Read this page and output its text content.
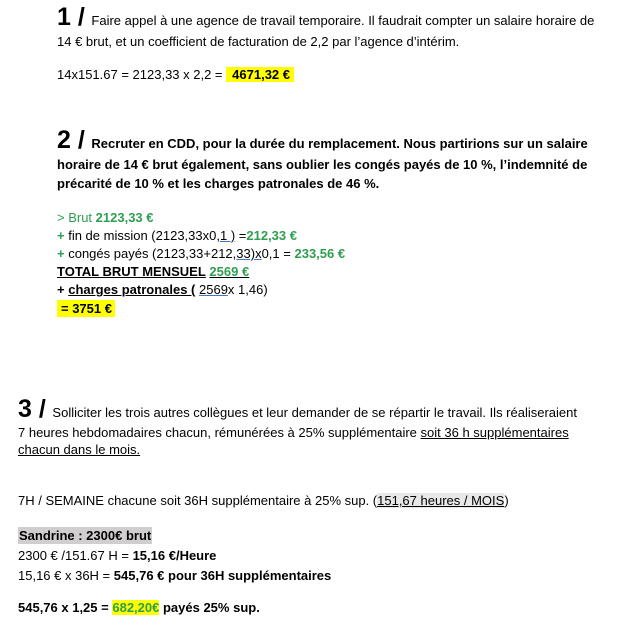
1 / Faire appel à une agence de travail temporaire. Il faudrait compter un salaire horaire de
14 € brut, et un coefficient de facturation de 2,2 par l’agence d’intérim.
14x151.67 = 2123,33 x 2,2 = 4671,32 €
2 / Recruter en CDD, pour la durée du remplacement. Nous partirions sur un salaire
horaire de 14 € brut également, sans oublier les congés payés de 10 %, l’indemnité de
précarité de 10 % et les charges patronales de 46 %.
> Brut 2123,33 €
+ fin de mission (2123,33x0,1 ) =212,33 €
+ congés payés (2123,33+212,33)x0,1 = 233,56 €
TOTAL BRUT MENSUEL 2569 €
+ charges patronales ( 2569x 1,46)
= 3751 €
3 / Solliciter les trois autres collègues et leur demander de se répartir le travail. Ils réaliseraient
7 heures hebdomadaires chacun, rémunérées à 25% supplémentaire soit 36 h supplémentaires
chacun dans le mois.
7H / SEMAINE chacune soit 36H supplémentaire à 25% sup. (151,67 heures / MOIS)
Sandrine : 2300€ brut
2300 € /151.67 H = 15,16 €/Heure
15,16 € x 36H = 545,76 € pour 36H supplémentaires
545,76 x 1,25 = 682,20€ payés 25% sup.
